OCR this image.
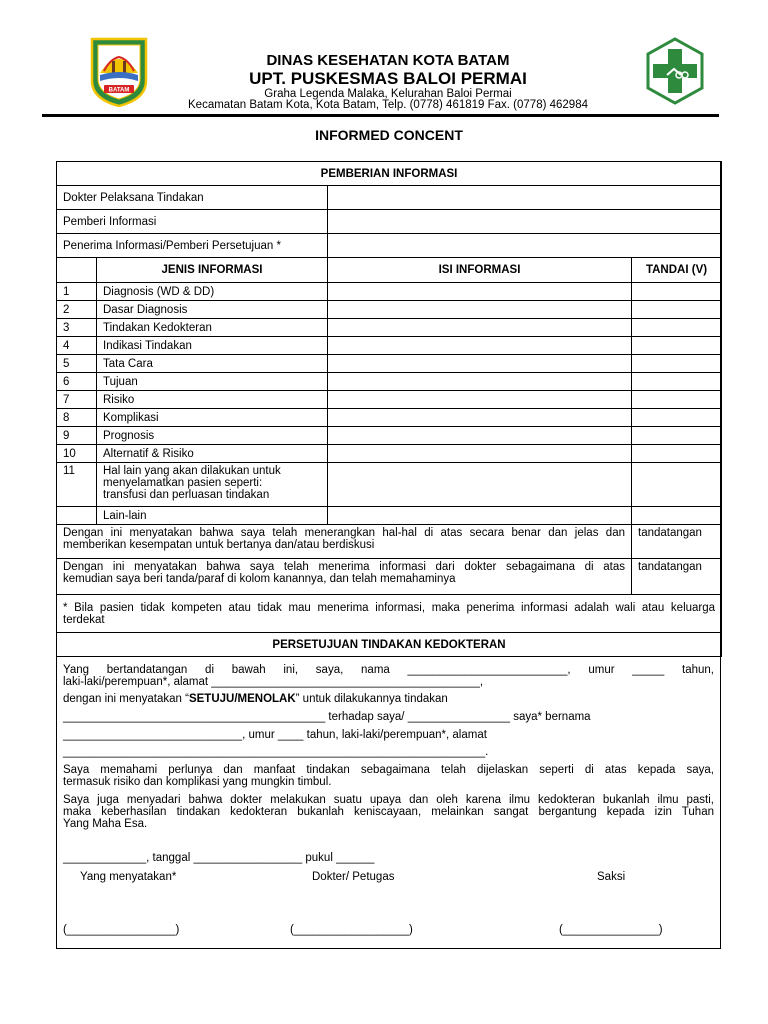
BATAM
DINAS KESEHATAN KOTA BATAM
UPT. PUSKESMAS BALOI PERMAI
Graha Legenda Malaka, Kelurahan Baloi Permai
Kecamatan Batam Kota, Kota Batam, Telp. (0778) 461819 Fax. (0778) 462984
INFORMED CONCENT
PEMBERIAN INFORMASI			
Dokter Pelaksana Tindakan			
Pemberi Informasi			
Penerima Informasi/Pemberi Persetujuan *			
	JENIS INFORMASI	ISI INFORMASI	TANDAI (V)
1	Diagnosis (WD & DD)		
2	Dasar Diagnosis		
3	Tindakan Kedokteran		
4	Indikasi Tindakan		
5	Tata Cara		
6	Tujuan		
7	Risiko		
8	Komplikasi		
9	Prognosis		
10	Alternatif & Risiko		
11	Hal lain yang akan dilakukan untuk
menyelamatkan pasien seperti:
transfusi dan perluasan tindakan		

	Lain-lain		

Dengan ini menyatakan bahwa saya telah menerangkan hal-hal di atas secara benar dan jelas dan
memberikan kesempatan untuk bertanya dan/atau berdiskusi			tandatangan

Dengan ini menyatakan bahwa saya telah menerima informasi dari dokter sebagaimana di atas
kemudian saya beri tanda/paraf di kolom kanannya, dan telah memahaminya			tandatangan

* Bila pasien tidak kompeten atau tidak mau menerima informasi, maka penerima informasi adalah wali atau keluarga
terdekat			

PERSETUJUAN TINDAKAN KEDOKTERAN			
Yang bertandatangan di bawah ini, saya, nama _________________________, umur _____ tahun,
laki-laki/perempuan*, alamat __________________________________________,
dengan ini menyatakan “SETUJU/MENOLAK” untuk dilakukannya tindakan
_________________________________________ terhadap saya/ ________________ saya* bernama
____________________________, umur ____ tahun, laki-laki/perempuan*, alamat
__________________________________________________________________.
Saya memahami perlunya dan manfaat tindakan sebagaimana telah dijelaskan seperti di atas kepada saya,
termasuk risiko dan komplikasi yang mungkin timbul.
Saya juga menyadari bahwa dokter melakukan suatu upaya dan oleh karena ilmu kedokteran bukanlah ilmu pasti,
maka keberhasilan tindakan kedokteran bukanlah keniscayaan, melainkan sangat bergantung kepada izin Tuhan
Yang Maha Esa.
_____________, tanggal _________________ pukul ______
Yang menyatakan*	Dokter/ Petugas	Saksi
(_________________)	(__________________)	(_______________)
